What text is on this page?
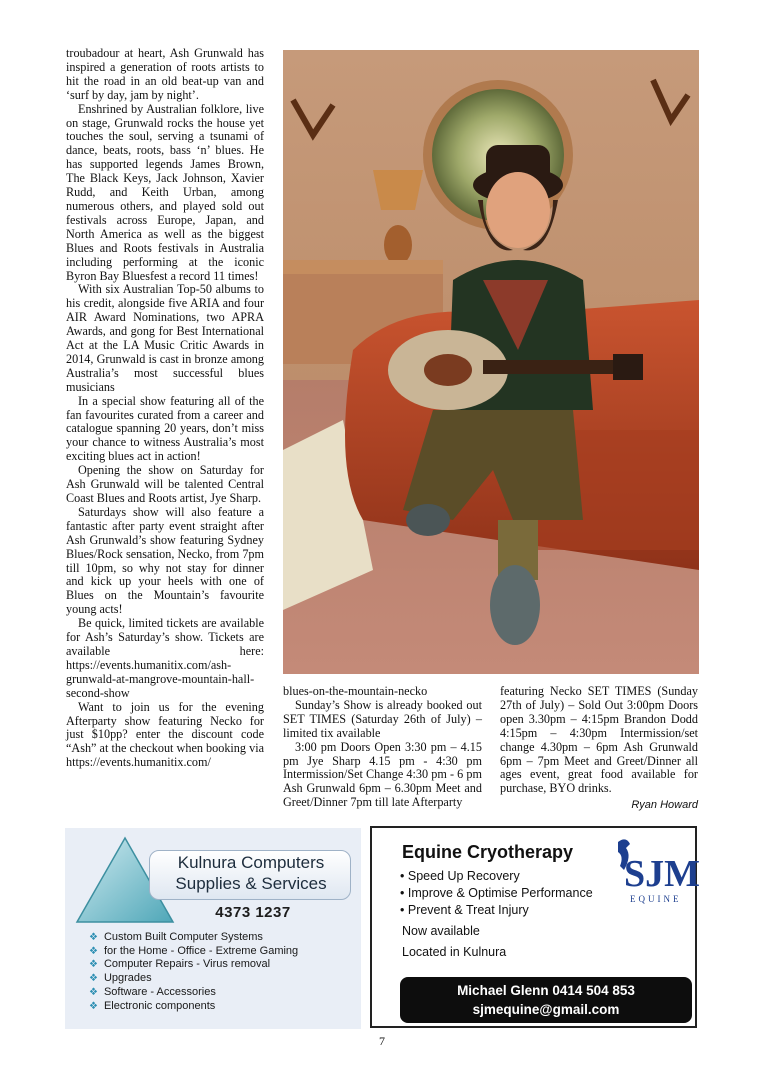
troubadour at heart, Ash Grunwald has inspired a generation of roots artists to hit the road in an old beat-up van and ‘surf by day, jam by night’.

Enshrined by Australian folklore, live on stage, Grunwald rocks the house yet touches the soul, serving a tsunami of dance, beats, roots, bass ‘n’ blues. He has supported legends James Brown, The Black Keys, Jack Johnson, Xavier Rudd, and Keith Urban, among numerous others, and played sold out festivals across Europe, Japan, and North America as well as the biggest Blues and Roots festivals in Australia including performing at the iconic Byron Bay Bluesfest a record 11 times!

With six Australian Top-50 albums to his credit, alongside five ARIA and four AIR Award Nominations, two APRA Awards, and gong for Best International Act at the LA Music Critic Awards in 2014, Grunwald is cast in bronze among Australia’s most successful blues musicians

In a special show featuring all of the fan favourites curated from a career and catalogue spanning 20 years, don’t miss your chance to witness Australia’s most exciting blues act in action!

Opening the show on Saturday for Ash Grunwald will be talented Central Coast Blues and Roots artist, Jye Sharp.

Saturdays show will also feature a fantastic after party event straight after Ash Grunwald’s show featuring Sydney Blues/Rock sensation, Necko, from 7pm till 10pm, so why not stay for dinner and kick up your heels with one of Blues on the Mountain’s favourite young acts!

Be quick, limited tickets are available for Ash’s Saturday’s show. Tickets are available here: https://events.humanitix.com/ash-grunwald-at-mangrove-mountain-hall-second-show

Want to join us for the evening Afterparty show featuring Necko for just $10pp? enter the discount code “Ash” at the checkout when booking via https://events.humanitix.com/

blues-on-the-mountain-necko

Sunday’s Show is already booked out SET TIMES (Saturday 26th of July) – limited tix available

3:00 pm Doors Open 3:30 pm – 4.15 pm Jye Sharp 4.15 pm - 4:30 pm Intermission/Set Change 4:30 pm - 6 pm Ash Grunwald 6pm – 6.30pm Meet and Greet/Dinner 7pm till late Afterparty

featuring Necko SET TIMES (Sunday 27th of July) – Sold Out 3:00pm Doors open 3.30pm – 4:15pm Brandon Dodd 4:15pm – 4:30pm Intermission/set change 4.30pm – 6pm Ash Grunwald 6pm – 7pm Meet and Greet/Dinner all ages event, great food available for purchase, BYO drinks.

Ryan Howard
Kulnura Computers
Supplies & Services
4373 1237
❖ Custom Built Computer Systems
❖ for the Home - Office - Extreme Gaming
❖ Computer Repairs - Virus removal
❖ Upgrades
❖ Software - Accessories
❖ Electronic components
Equine Cryotherapy
• Speed Up Recovery
• Improve & Optimise Performance
• Prevent & Treat Injury
Now available
Located in Kulnura
SJM
EQUINE
Michael Glenn 0414 504 853
sjmequine@gmail.com
7
